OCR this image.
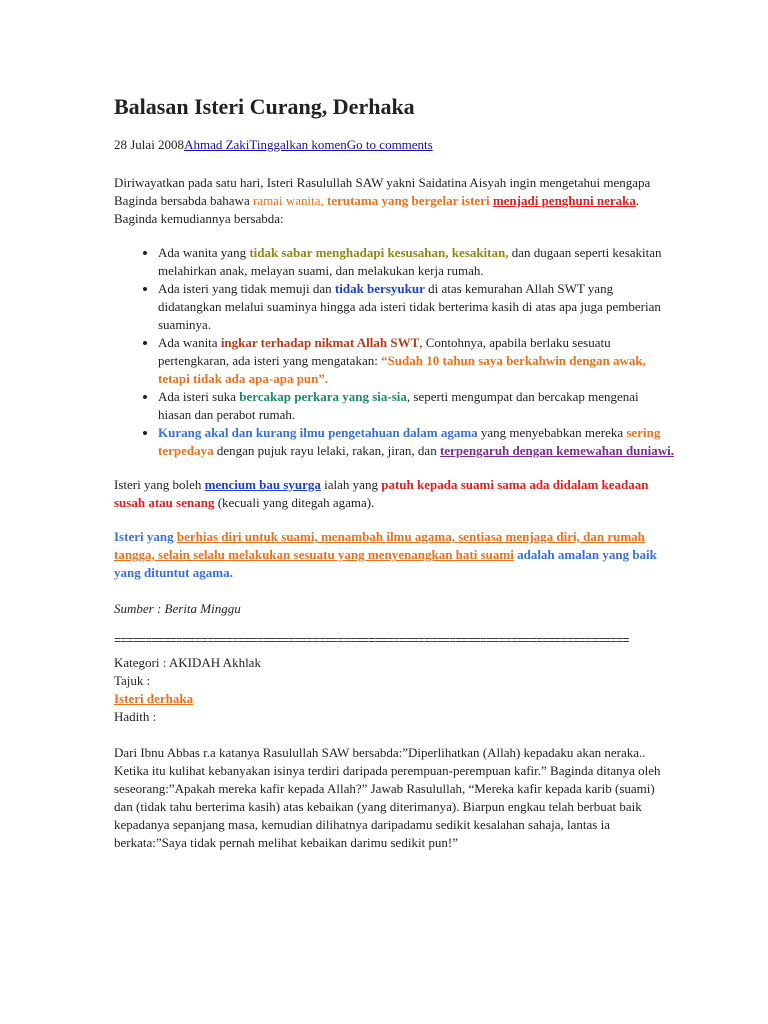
Balasan Isteri Curang, Derhaka
28 Julai 2008Ahmad ZakiTinggalkan komenGo to comments

Diriwayatkan pada satu hari, Isteri Rasulullah SAW yakni Saidatina Aisyah ingin mengetahui mengapa Baginda bersabda bahawa ramai wanita, terutama yang bergelar isteri menjadi penghuni neraka. Baginda kemudiannya bersabda:

• Ada wanita yang tidak sabar menghadapi kesusahan, kesakitan, dan dugaan seperti kesakitan melahirkan anak, melayan suami, dan melakukan kerja rumah.
• Ada isteri yang tidak memuji dan tidak bersyukur di atas kemurahan Allah SWT yang didatangkan melalui suaminya hingga ada isteri tidak berterima kasih di atas apa juga pemberian suaminya.
• Ada wanita ingkar terhadap nikmat Allah SWT, Contohnya, apabila berlaku sesuatu pertengkaran, ada isteri yang mengatakan: “Sudah 10 tahun saya berkahwin dengan awak, tetapi tidak ada apa-apa pun”.
• Ada isteri suka bercakap perkara yang sia-sia, seperti mengumpat dan bercakap mengenai hiasan dan perabot rumah.
• Kurang akal dan kurang ilmu pengetahuan dalam agama yang menyebabkan mereka sering terpedaya dengan pujuk rayu lelaki, rakan, jiran, dan terpengaruh dengan kemewahan duniawi.

Isteri yang boleh mencium bau syurga ialah yang patuh kepada suami sama ada didalam keadaan susah atau senang (kecuali yang ditegah agama).

Isteri yang berhias diri untuk suami, menambah ilmu agama, sentiasa menjaga diri, dan rumah tangga, selain selalu melakukan sesuatu yang menyenangkan hati suami adalah amalan yang baik yang dituntut agama.

Sumber : Berita Minggu

===================================================================================

Kategori : AKIDAH Akhlak

Tajuk :

Isteri derhaka

Hadith :

Dari Ibnu Abbas r.a katanya Rasulullah SAW bersabda:”Diperlihatkan (Allah) kepadaku akan neraka.. Ketika itu kulihat kebanyakan isinya terdiri daripada perempuan-perempuan kafir.” Baginda ditanya oleh seseorang:”Apakah mereka kafir kepada Allah?” Jawab Rasulullah, “Mereka kafir kepada karib (suami) dan (tidak tahu berterima kasih) atas kebaikan (yang diterimanya). Biarpun engkau telah berbuat baik kepadanya sepanjang masa, kemudian dilihatnya daripadamu sedikit kesalahan sahaja, lantas ia berkata:”Saya tidak pernah melihat kebaikan darimu sedikit pun!”
